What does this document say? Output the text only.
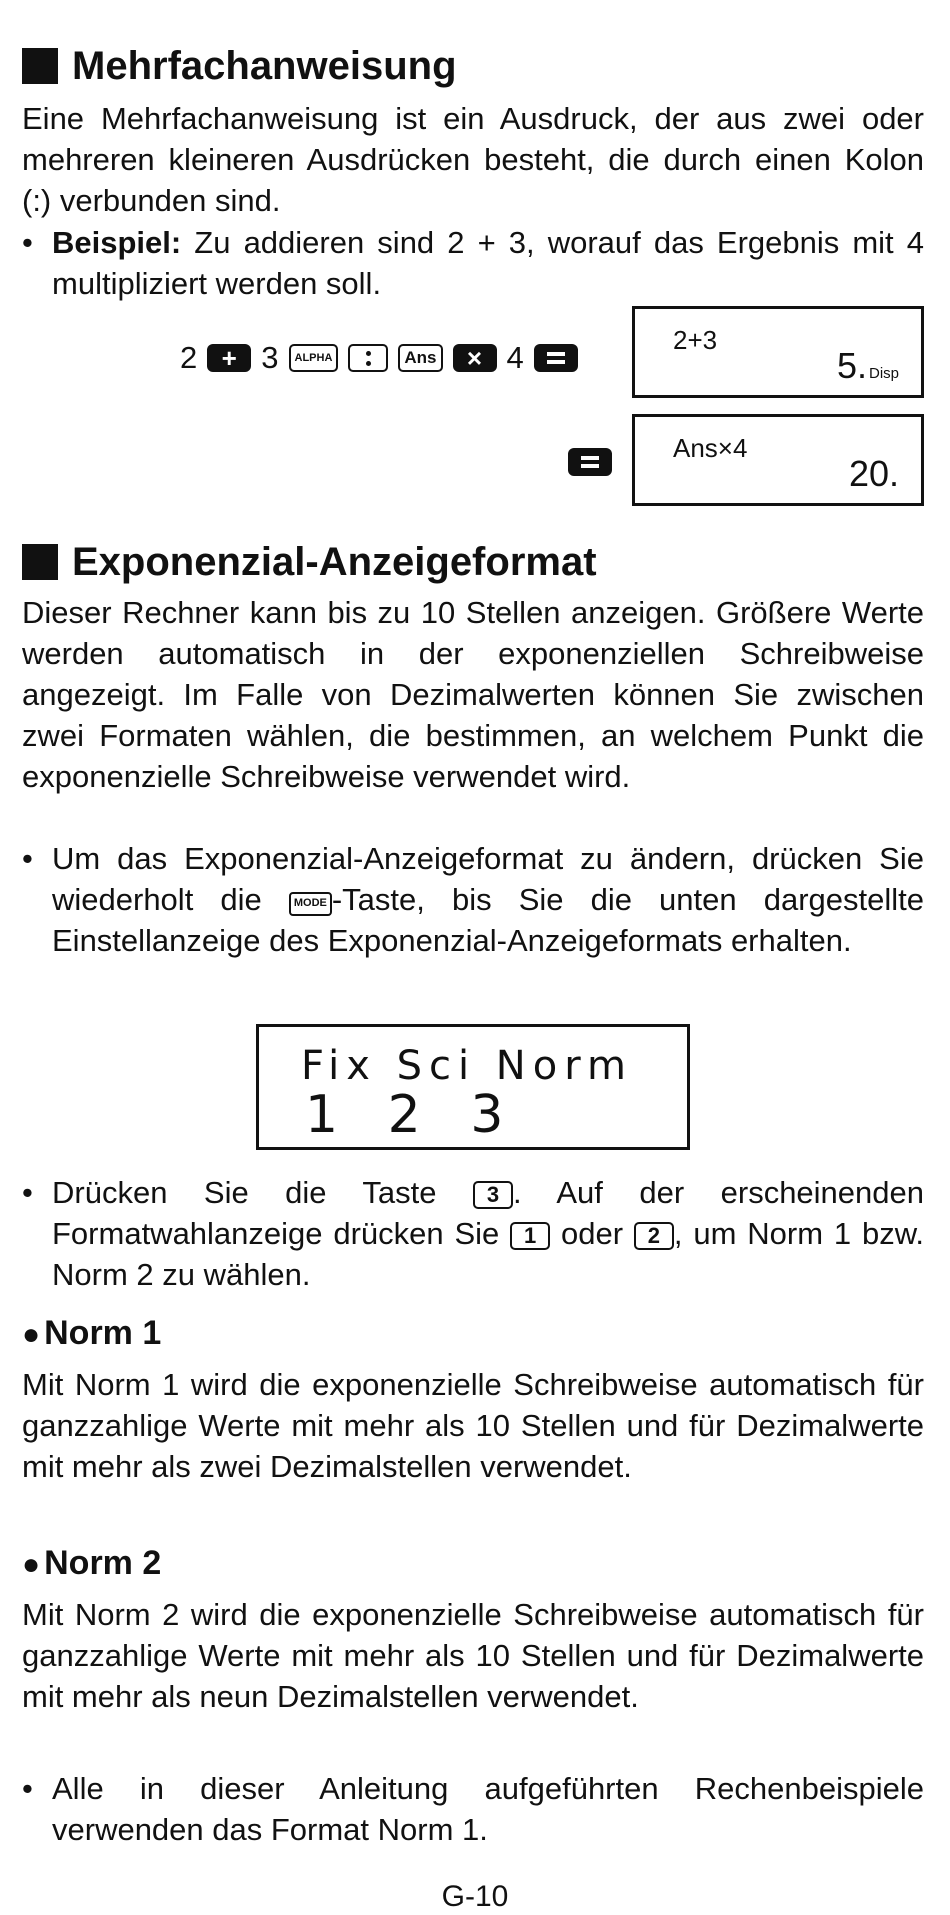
Mehrfachanweisung

Eine Mehrfachanweisung ist ein Ausdruck, der aus zwei oder mehreren kleineren Ausdrücken besteht, die durch einen Kolon (:) verbunden sind.

• Beispiel: Zu addieren sind 2 + 3, worauf das Ergebnis mit 4 multipliziert werden soll.
2 + 3 ALPHA	Ans × 4	2+3
5. Disp
Ans×4
20.
Exponenzial-Anzeigeformat

Dieser Rechner kann bis zu 10 Stellen anzeigen. Größere Werte werden automatisch in der exponenziellen Schreibweise angezeigt. Im Falle von Dezimalwerten können Sie zwischen zwei Formaten wählen, die bestimmen, an welchem Punkt die exponenzielle Schreibweise verwendet wird.

• Um das Exponenzial-Anzeigeformat zu ändern, drücken Sie wiederholt die MODE -Taste, bis Sie die unten dargestellte Einstellanzeige des Exponenzial-Anzeigeformats erhalten.
Fix Sci Norm
1   2   3
• Drücken Sie die Taste 3 . Auf der erscheinenden Formatwahlanzeige drücken Sie 1 oder 2 , um Norm 1 bzw. Norm 2 zu wählen.
● Norm 1

Mit Norm 1 wird die exponenzielle Schreibweise automatisch für ganzzahlige Werte mit mehr als 10 Stellen und für Dezimalwerte mit mehr als zwei Dezimalstellen verwendet.

● Norm 2

Mit Norm 2 wird die exponenzielle Schreibweise automatisch für ganzzahlige Werte mit mehr als 10 Stellen und für Dezimalwerte mit mehr als neun Dezimalstellen verwendet.

• Alle in dieser Anleitung aufgeführten Rechenbeispiele verwenden das Format Norm 1.
G-10
